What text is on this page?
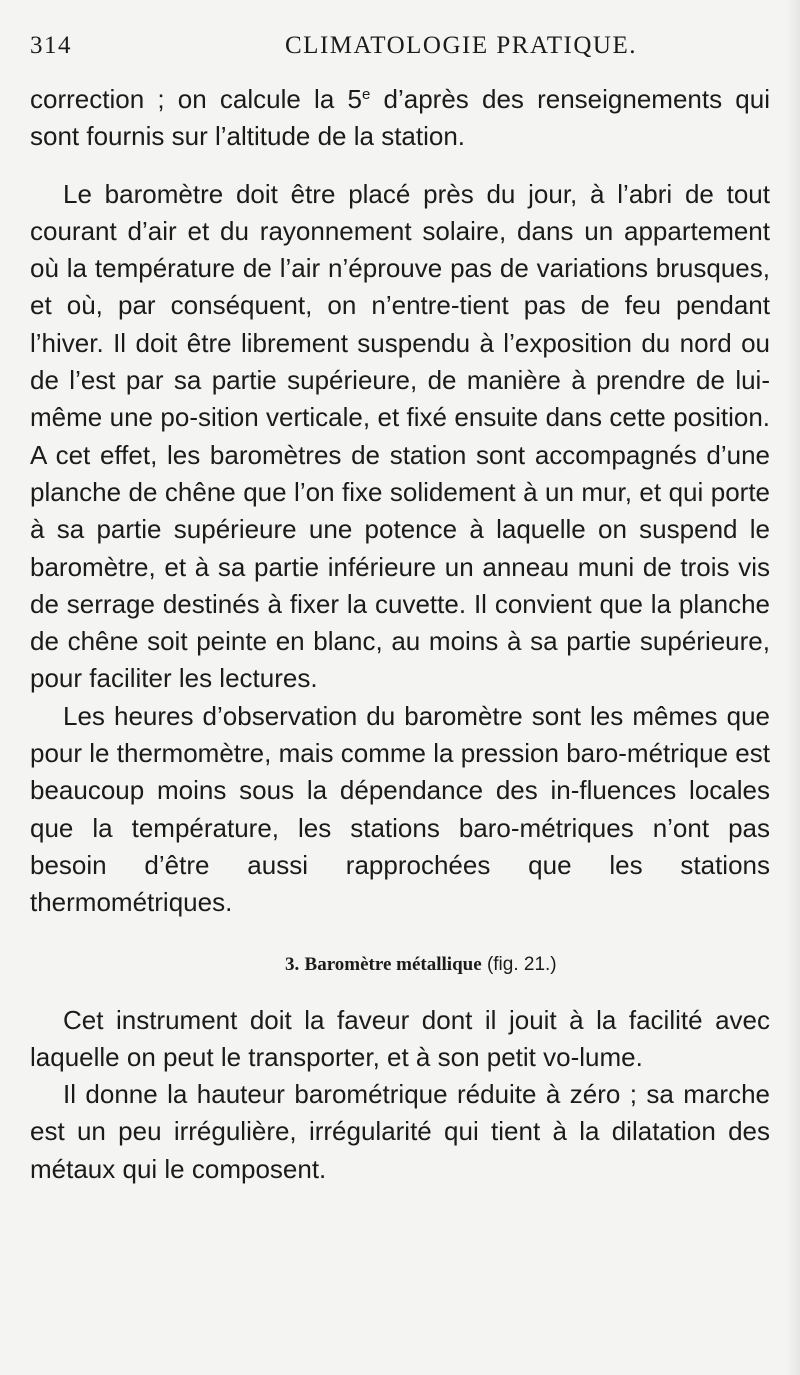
314	CLIMATOLOGIE PRATIQUE.

correction ; on calcule la 5e d’après des renseignements qui sont fournis sur l’altitude de la station.

Le baromètre doit être placé près du jour, à l’abri de tout courant d’air et du rayonnement solaire, dans un appartement où la température de l’air n’éprouve pas de variations brusques, et où, par conséquent, on n’entre-tient pas de feu pendant l’hiver. Il doit être librement suspendu à l’exposition du nord ou de l’est par sa partie supérieure, de manière à prendre de lui-même une po-sition verticale, et fixé ensuite dans cette position. A cet effet, les baromètres de station sont accompagnés d’une planche de chêne que l’on fixe solidement à un mur, et qui porte à sa partie supérieure une potence à laquelle on suspend le baromètre, et à sa partie inférieure un anneau muni de trois vis de serrage destinés à fixer la cuvette. Il convient que la planche de chêne soit peinte en blanc, au moins à sa partie supérieure, pour faciliter les lectures.

Les heures d’observation du baromètre sont les mêmes que pour le thermomètre, mais comme la pression baro-métrique est beaucoup moins sous la dépendance des in-fluences locales que la température, les stations baro-métriques n’ont pas besoin d’être aussi rapprochées que les stations thermométriques.

3. Baromètre métallique (fig. 21.)

Cet instrument doit la faveur dont il jouit à la facilité avec laquelle on peut le transporter, et à son petit vo-lume.

Il donne la hauteur barométrique réduite à zéro ; sa marche est un peu irrégulière, irrégularité qui tient à la dilatation des métaux qui le composent.
